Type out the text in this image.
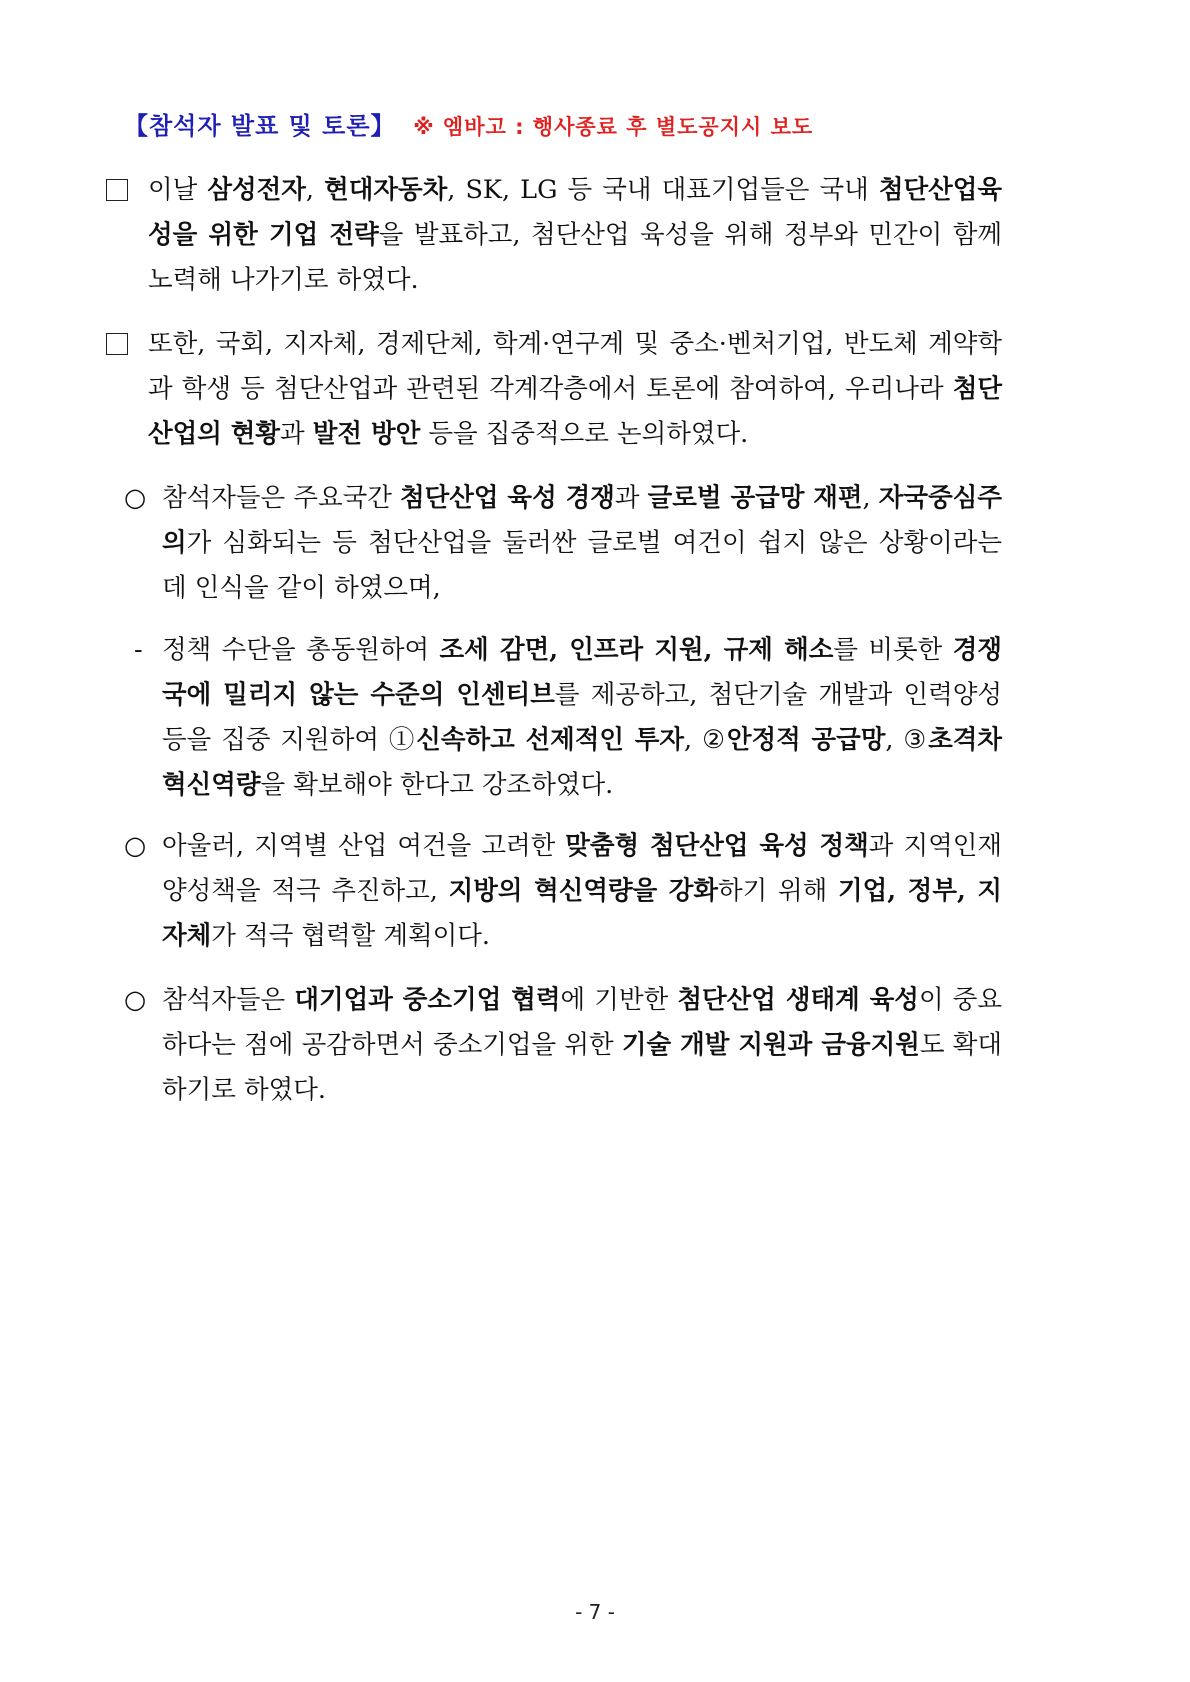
【참석자 발표 및 토론】 ※ 엠바고 : 행사종료 후 별도공지시 보도
이날 삼성전자, 현대자동차, SK, LG 등 국내 대표기업들은 국내 첨단산업육성을 위한 기업 전략을 발표하고, 첨단산업 육성을 위해 정부와 민간이 함께 노력해 나가기로 하였다.
또한, 국회, 지자체, 경제단체, 학계·연구계 및 중소·벤처기업, 반도체 계약학과 학생 등 첨단산업과 관련된 각계각층에서 토론에 참여하여, 우리나라 첨단산업의 현황과 발전 방안 등을 집중적으로 논의하였다.
○ 참석자들은 주요국간 첨단산업 육성 경쟁과 글로벌 공급망 재편, 자국중심주의가 심화되는 등 첨단산업을 둘러싼 글로벌 여건이 쉽지 않은 상황이라는 데 인식을 같이 하였으며,
- 정책 수단을 총동원하여 조세 감면, 인프라 지원, 규제 해소를 비롯한 경쟁국에 밀리지 않는 수준의 인센티브를 제공하고, 첨단기술 개발과 인력양성 등을 집중 지원하여 ①신속하고 선제적인 투자, ②안정적 공급망, ③초격차 혁신역량을 확보해야 한다고 강조하였다.
○ 아울러, 지역별 산업 여건을 고려한 맞춤형 첨단산업 육성 정책과 지역인재 양성책을 적극 추진하고, 지방의 혁신역량을 강화하기 위해 기업, 정부, 지자체가 적극 협력할 계획이다.
○ 참석자들은 대기업과 중소기업 협력에 기반한 첨단산업 생태계 육성이 중요하다는 점에 공감하면서 중소기업을 위한 기술 개발 지원과 금융지원도 확대하기로 하였다.
- 7 -
